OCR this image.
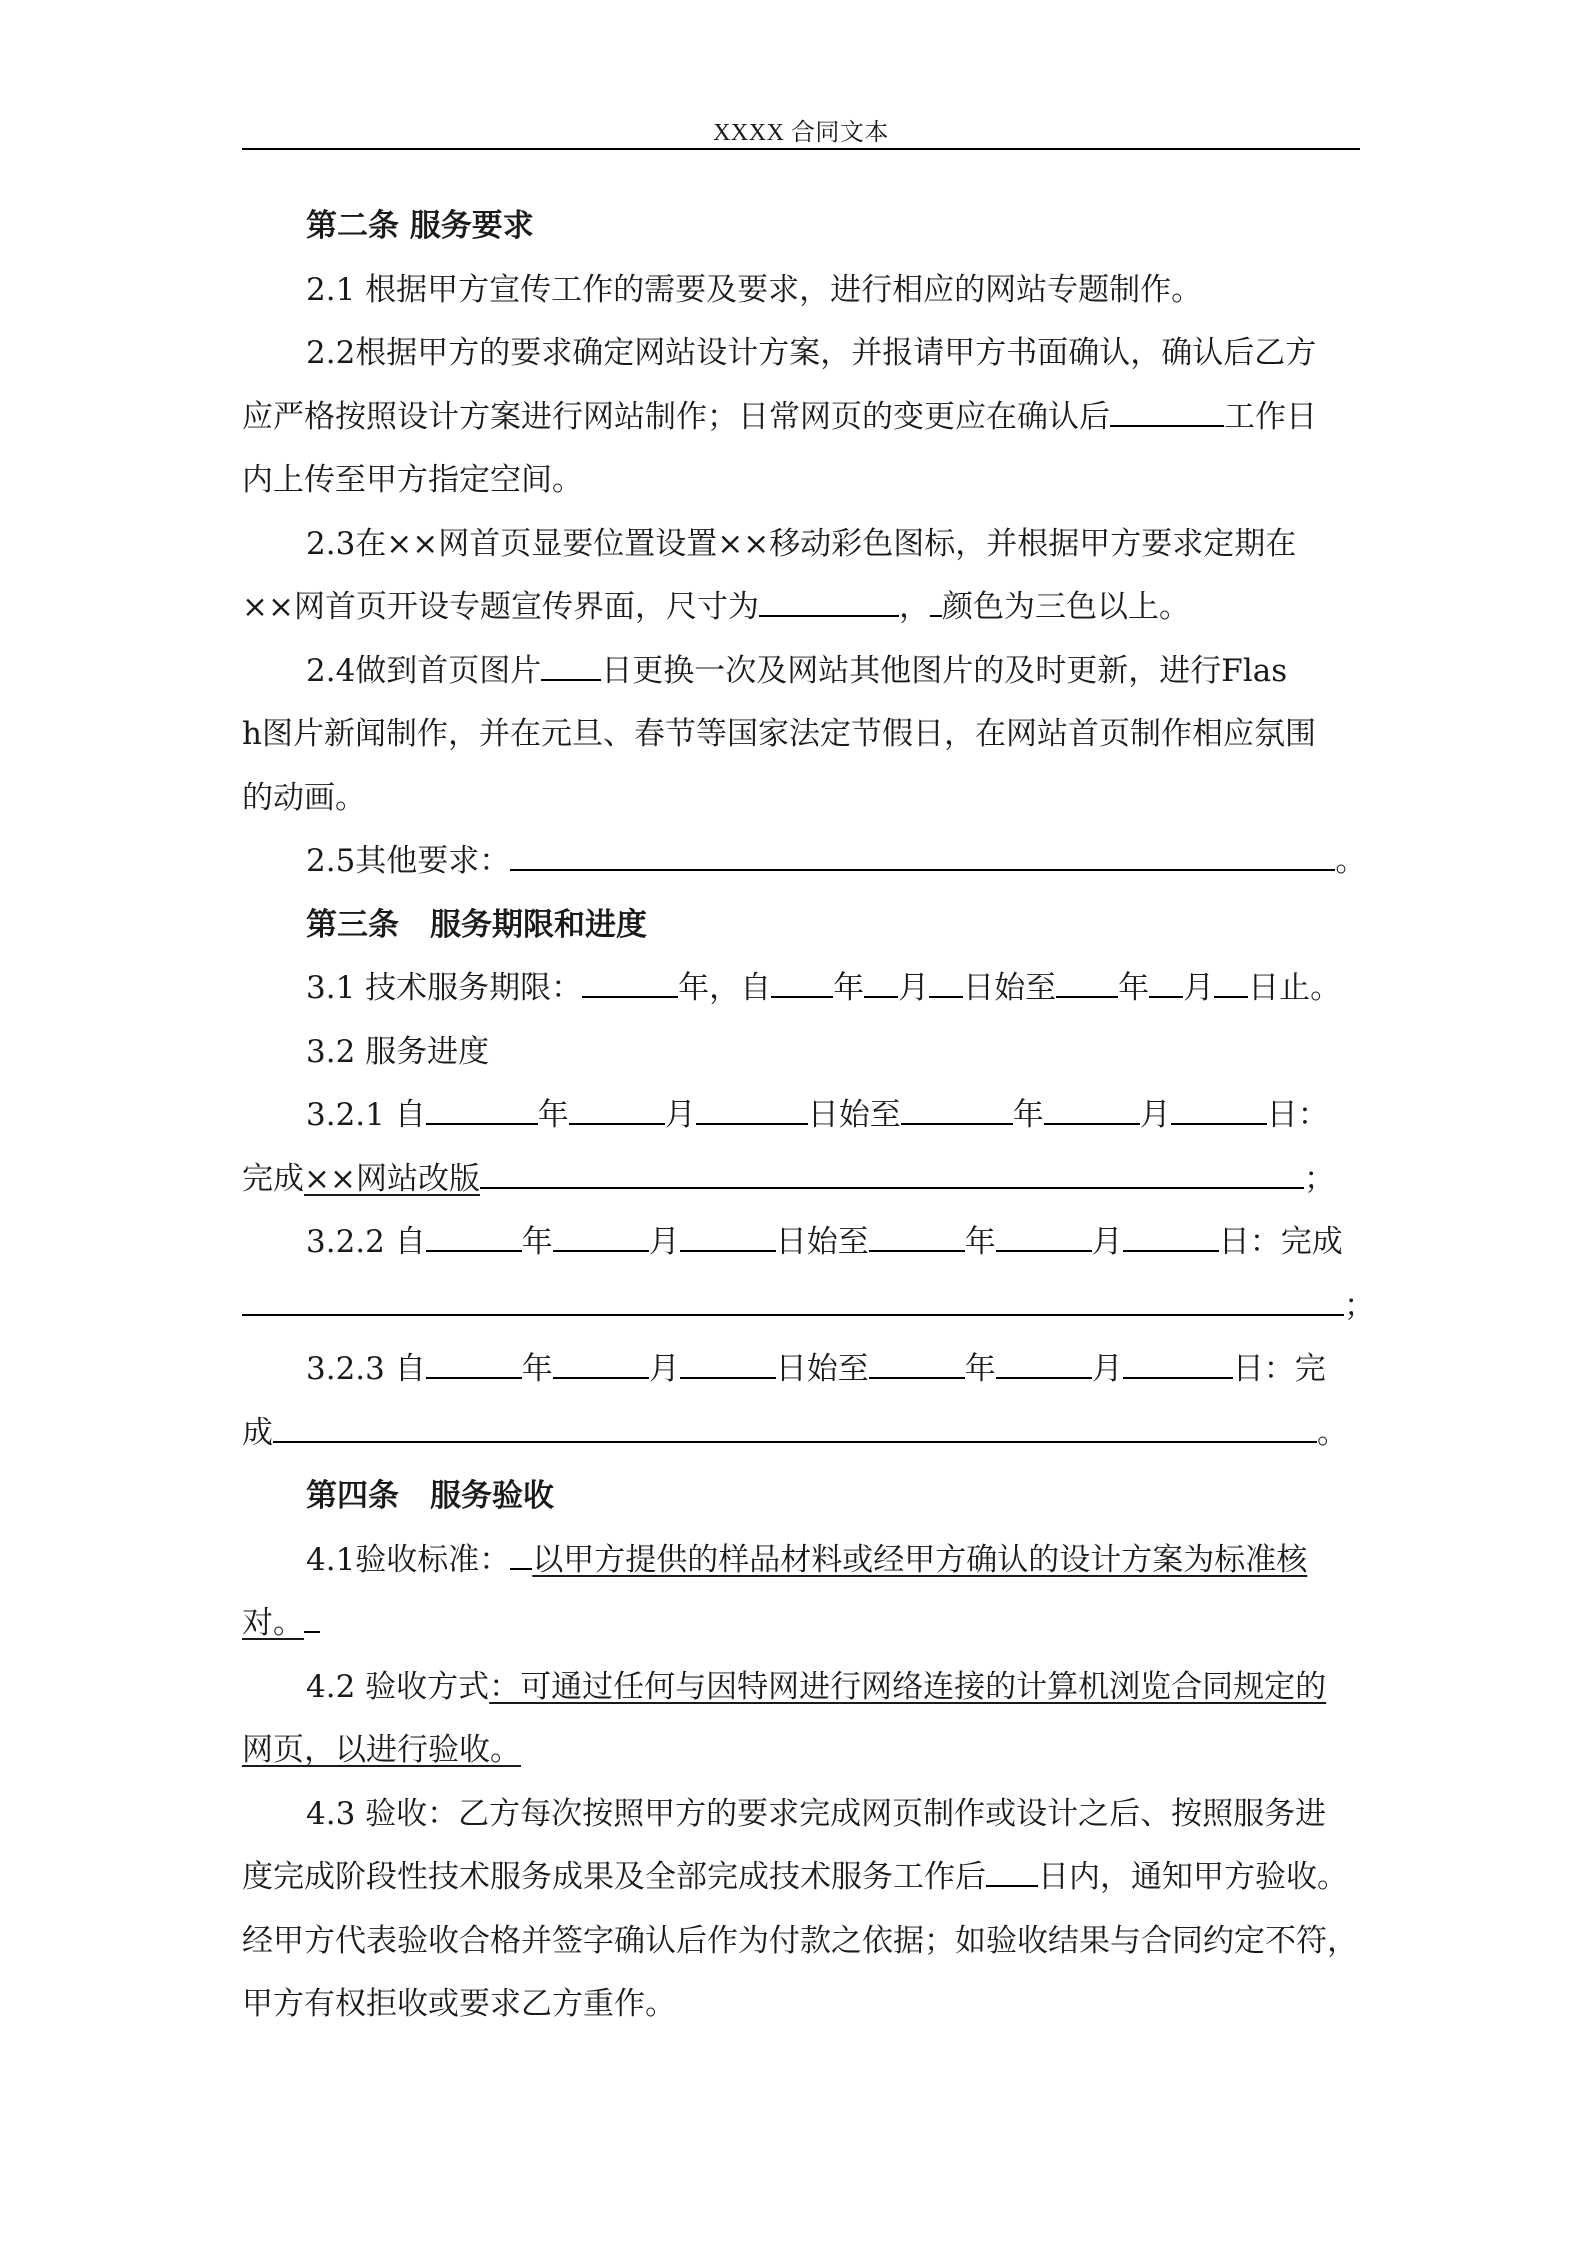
XXXX 合同文本

第二条 服务要求

2.1 根据甲方宣传工作的需要及要求，进行相应的网站专题制作。

2.2根据甲方的要求确定网站设计方案，并报请甲方书面确认，确认后乙方

应严格按照设计方案进行网站制作；日常网页的变更应在确认后	工作日

内上传至甲方指定空间。

2.3在××网首页显要位置设置××移动彩色图标，并根据甲方要求定期在

××网首页开设专题宣传界面，尺寸为	， 颜色为三色以上。

2.4做到首页图片 日更换一次及网站其他图片的及时更新，进行Flas

h图片新闻制作，并在元旦、春节等国家法定节假日，在网站首页制作相应氛围

的动画。

2.5其他要求：	。

第三条　服务期限和进度

3.1 技术服务期限：	年，自 年 月 日始至 年 月 日止。

3.2 服务进度

3.2.1 自	年	月	日始至	年	月	日：

完成××网站改版	；

3.2.2 自	年	月	日始至	年	月	日：完成

；

3.2.3 自	年	月	日始至	年	月	日：完

成	。

第四条　服务验收

4.1验收标准： 以甲方提供的样品材料或经甲方确认的设计方案为标准核

对。

4.2 验收方式：可通过任何与因特网进行网络连接的计算机浏览合同规定的

网页，以进行验收。

4.3 验收：乙方每次按照甲方的要求完成网页制作或设计之后、按照服务进

度完成阶段性技术服务成果及全部完成技术服务工作后 日内，通知甲方验收。

经甲方代表验收合格并签字确认后作为付款之依据；如验收结果与合同约定不符，

甲方有权拒收或要求乙方重作。
